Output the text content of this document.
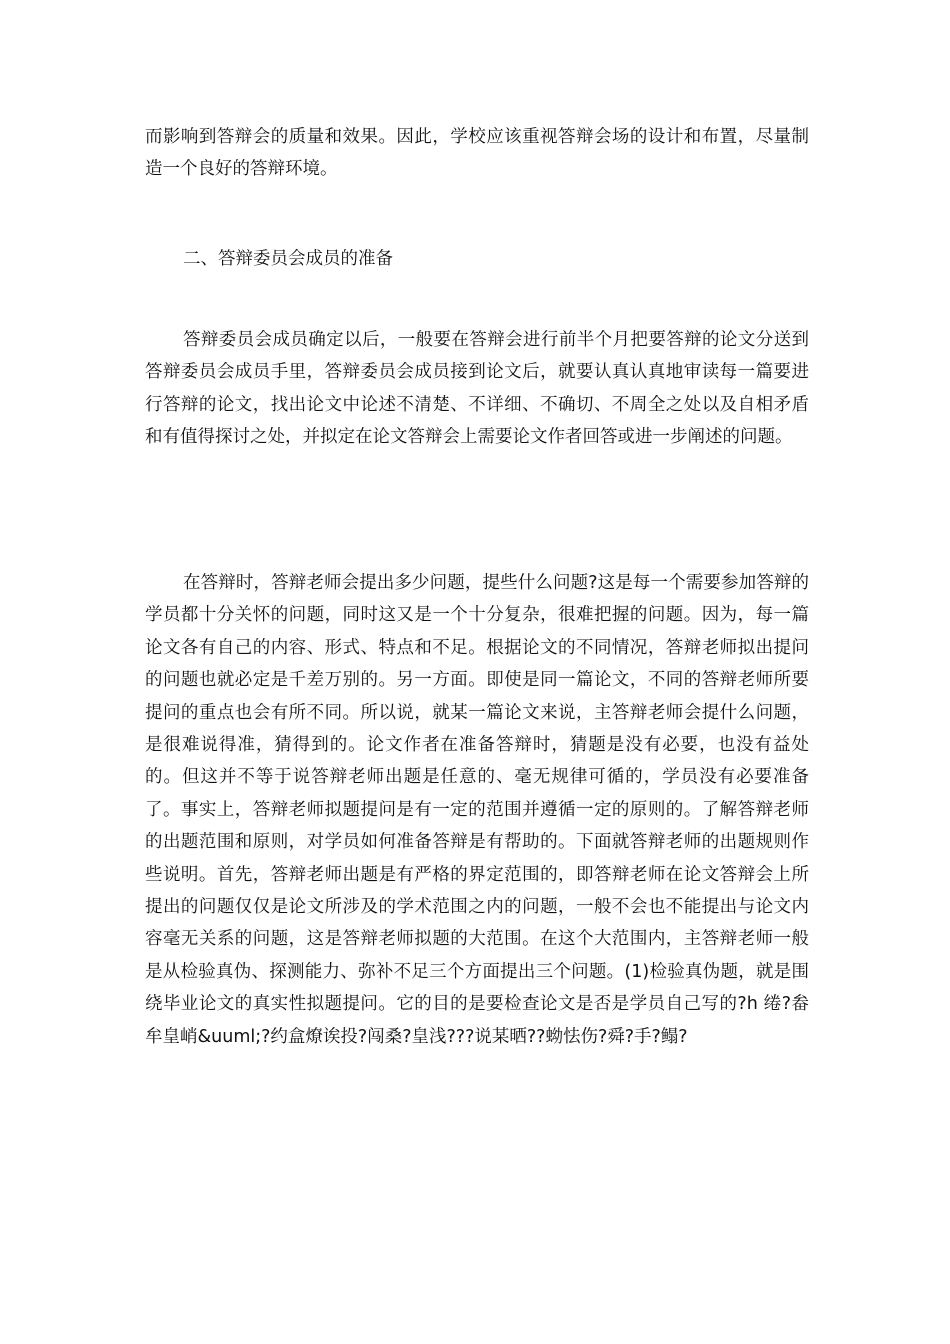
而影响到答辩会的质量和效果。因此，学校应该重视答辩会场的设计和布置，尽量制造一个良好的答辩环境。
二、答辩委员会成员的准备
答辩委员会成员确定以后，一般要在答辩会进行前半个月把要答辩的论文分送到答辩委员会成员手里，答辩委员会成员接到论文后，就要认真认真地审读每一篇要进行答辩的论文，找出论文中论述不清楚、不详细、不确切、不周全之处以及自相矛盾和有值得探讨之处，并拟定在论文答辩会上需要论文作者回答或进一步阐述的问题。
在答辩时，答辩老师会提出多少问题，提些什么问题?这是每一个需要参加答辩的学员都十分关怀的问题，同时这又是一个十分复杂，很难把握的问题。因为，每一篇论文各有自己的内容、形式、特点和不足。根据论文的不同情况，答辩老师拟出提问的问题也就必定是千差万别的。另一方面。即使是同一篇论文，不同的答辩老师所要提问的重点也会有所不同。所以说，就某一篇论文来说，主答辩老师会提什么问题，是很难说得准，猜得到的。论文作者在准备答辩时，猜题是没有必要，也没有益处的。但这并不等于说答辩老师出题是任意的、毫无规律可循的，学员没有必要准备了。事实上，答辩老师拟题提问是有一定的范围并遵循一定的原则的。了解答辩老师的出题范围和原则，对学员如何准备答辩是有帮助的。下面就答辩老师的出题规则作些说明。首先，答辩老师出题是有严格的界定范围的，即答辩老师在论文答辩会上所提出的问题仅仅是论文所涉及的学术范围之内的问题，一般不会也不能提出与论文内容毫无关系的问题，这是答辩老师拟题的大范围。在这个大范围内，主答辩老师一般是从检验真伪、探测能力、弥补不足三个方面提出三个问题。(1)检验真伪题，就是围绕毕业论文的真实性拟题提问。它的目的是要检查论文是否是学员自己写的?h 绻?畚牟皇峭&uuml;?约盒燎诶投?闯桑?皇浅???说某晒??蚴怯伤?舜?手?鳎?
